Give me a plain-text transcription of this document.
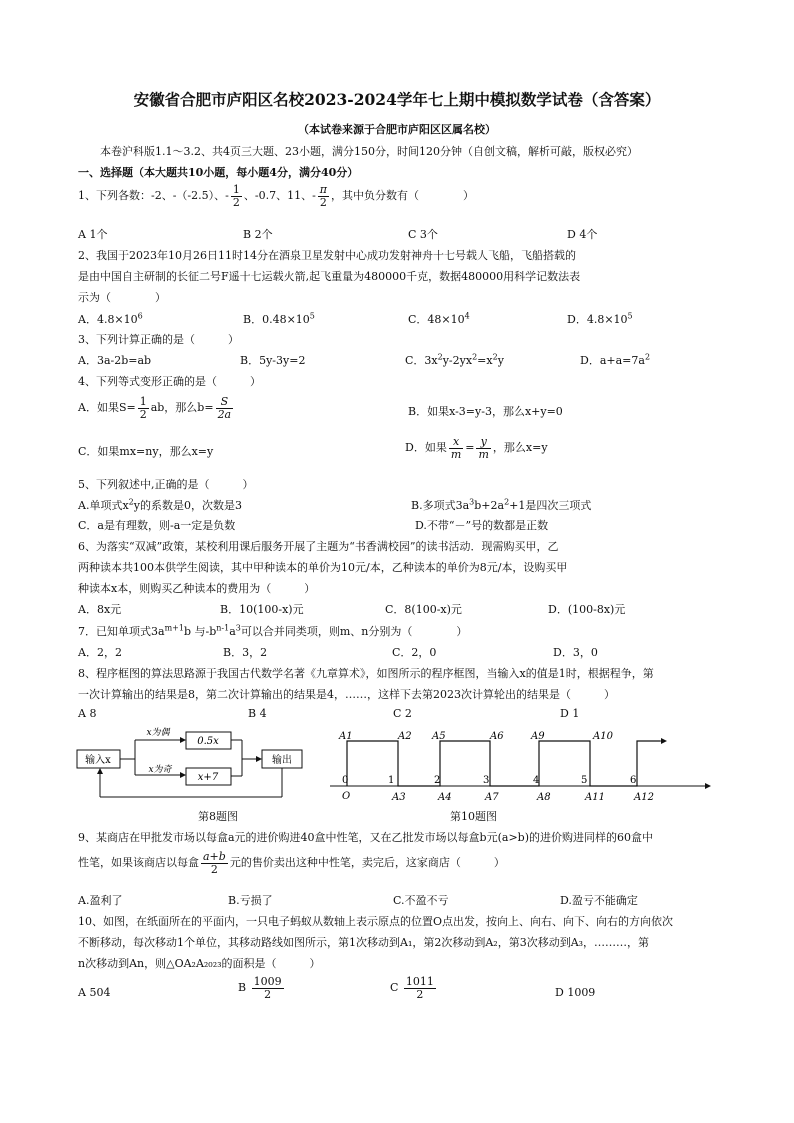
安徽省合肥市庐阳区名校2023-2024学年七上期中模拟数学试卷（含答案）
（本试卷来源于合肥市庐阳区区属名校）
本卷沪科版1.1～3.2、共4页三大题、23小题，满分150分，时间120分钟（自创文稿，解析可敲，版权必究）
一、选择题（本大题共10小题，每小题4分，满分40分）
1、下列各数：-2、-（-2.5）、- $\frac{1}{2}$ 、-0.7、11、- $\frac{\pi}{2}$ ，其中负分数有（　　　　）
A 1个	B 2个	C 3个	D 4个
2、我国于2023年10月26日11时14分在酒泉卫星发射中心成功发射神舟十七号载人飞船，飞船搭载的
是由中国自主研制的长征二号F遥十七运载火箭,起飞重量为480000千克，数据480000用科学记数法表
示为（　　　　）
A．$4.8\times 10^6$	B．$0.48\times 10^5$	C．$48\times 10^4$	D．$4.8\times 10^5$
3、下列计算正确的是（　　　）
A．3a-2b=ab	B．5y-3y=2	C．$3x^2y-2yx^2=x^2y$	D．$a+a=7a^2$
4、下列等式变形正确的是（　　　）
A．如果$S= \frac{1}{2}$ ab，那么$b= \frac{S}{2a}$	B．如果x-3=y-3，那么x+y=0
C．如果mx=ny，那么x=y	D．如果 $\frac{x}{m} = \frac{y}{m}$ ，那么x=y
5、下列叙述中,正确的是（　　　）
A.单项式$x^2y$的系数是0，次数是3	B.多项式$3a^3b+2a^2+1$是四次三项式
C．a是有理数，则-a一定是负数	D.不带“－”号的数都是正数
6、为落实“双减”政策，某校利用课后服务开展了主题为“书香满校园”的读书活动．现需购买甲，乙
两种读本共100本供学生阅读，其中甲种读本的单价为10元/本，乙种读本的单价为8元/本，设购买甲
种读本x本，则购买乙种读本的费用为（　　　）
A．8x元	B．10(100-x)元	C．8(100-x)元	D．(100-8x)元
7．已知单项式$3a^{m+1}b$ 与$-b^{n-1}a^3$可以合并同类项，则m、n分别为（　　　　）
A．2，2	B．3，2	C．2，0	D．3，0
8、程序框图的算法思路源于我国古代数学名著《九章算术》，如图所示的程序框图，当输入x的值是1时，根据程争，第
一次计算输出的结果是8，第二次计算输出的结果是4，……，这样下去第2023次计算轮出的结果是（　　　）
A 8	B 4	C 2	D 1
输入x
x为偶
x为奇
0.5x
x+7
输出
第8题图
A1	A2 A5	A6	A9	A10
0	1	2	3	4	5	6
O	A3	A4	A7	A8	A11	A12
第10题图
9、某商店在甲批发市场以每盒a元的进价购进40盒中性笔，又在乙批发市场以每盒b元(a>b)的进价购进同样的60盒中
性笔，如果该商店以每盒 $\frac{a+b}{2}$ 元的售价卖出这种中性笔，卖完后，这家商店（　　　）
A.盈利了	B.亏损了	C.不盈不亏	D.盈亏不能确定
10、如图，在纸面所在的平面内，一只电子蚂蚁从数轴上表示原点的位置O点出发，按向上、向右、向下、向右的方向依次
不断移动，每次移动1个单位，其移动路线如图所示，第1次移动到A₁，第2次移动到A₂，第3次移动到A₃，………，第
n次移动到An，则△OA₂A₂₀₂₃的面积是（　　　）
A 504	B $\frac{1009}{2}$	C $\frac{1011}{2}$	D 1009
